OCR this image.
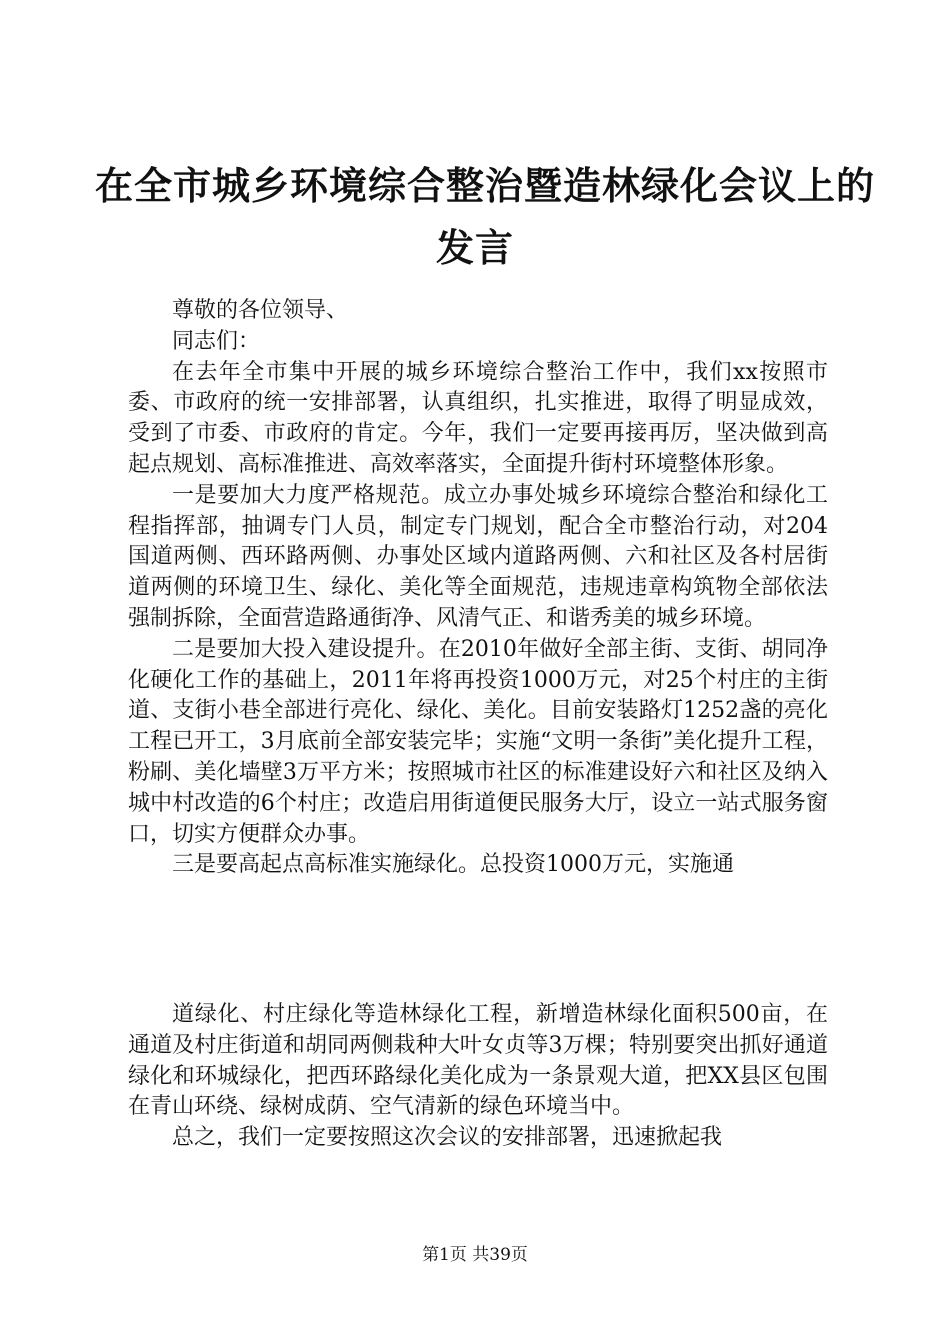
在全市城乡环境综合整治暨造林绿化会议上的
发言

尊敬的各位领导、

同志们：

在去年全市集中开展的城乡环境综合整治工作中，我们xx按照市委、市政府的统一安排部署，认真组织，扎实推进，取得了明显成效，受到了市委、市政府的肯定。今年，我们一定要再接再厉，坚决做到高起点规划、高标准推进、高效率落实，全面提升街村环境整体形象。

一是要加大力度严格规范。成立办事处城乡环境综合整治和绿化工程指挥部，抽调专门人员，制定专门规划，配合全市整治行动，对204国道两侧、西环路两侧、办事处区域内道路两侧、六和社区及各村居街道两侧的环境卫生、绿化、美化等全面规范，违规违章构筑物全部依法强制拆除，全面营造路通街净、风清气正、和谐秀美的城乡环境。

二是要加大投入建设提升。在2010年做好全部主街、支街、胡同净化硬化工作的基础上，2011年将再投资1000万元，对25个村庄的主街道、支街小巷全部进行亮化、绿化、美化。目前安装路灯1252盏的亮化工程已开工，3月底前全部安装完毕；实施“文明一条街”美化提升工程，粉刷、美化墙壁3万平方米；按照城市社区的标准建设好六和社区及纳入城中村改造的6个村庄；改造启用街道便民服务大厅，设立一站式服务窗口，切实方便群众办事。

三是要高起点高标准实施绿化。总投资1000万元，实施通

道绿化、村庄绿化等造林绿化工程，新增造林绿化面积500亩，在通道及村庄街道和胡同两侧栽种大叶女贞等3万棵；特别要突出抓好通道绿化和环城绿化，把西环路绿化美化成为一条景观大道，把XX县区包围在青山环绕、绿树成荫、空气清新的绿色环境当中。

总之，我们一定要按照这次会议的安排部署，迅速掀起我

第1页 共39页
